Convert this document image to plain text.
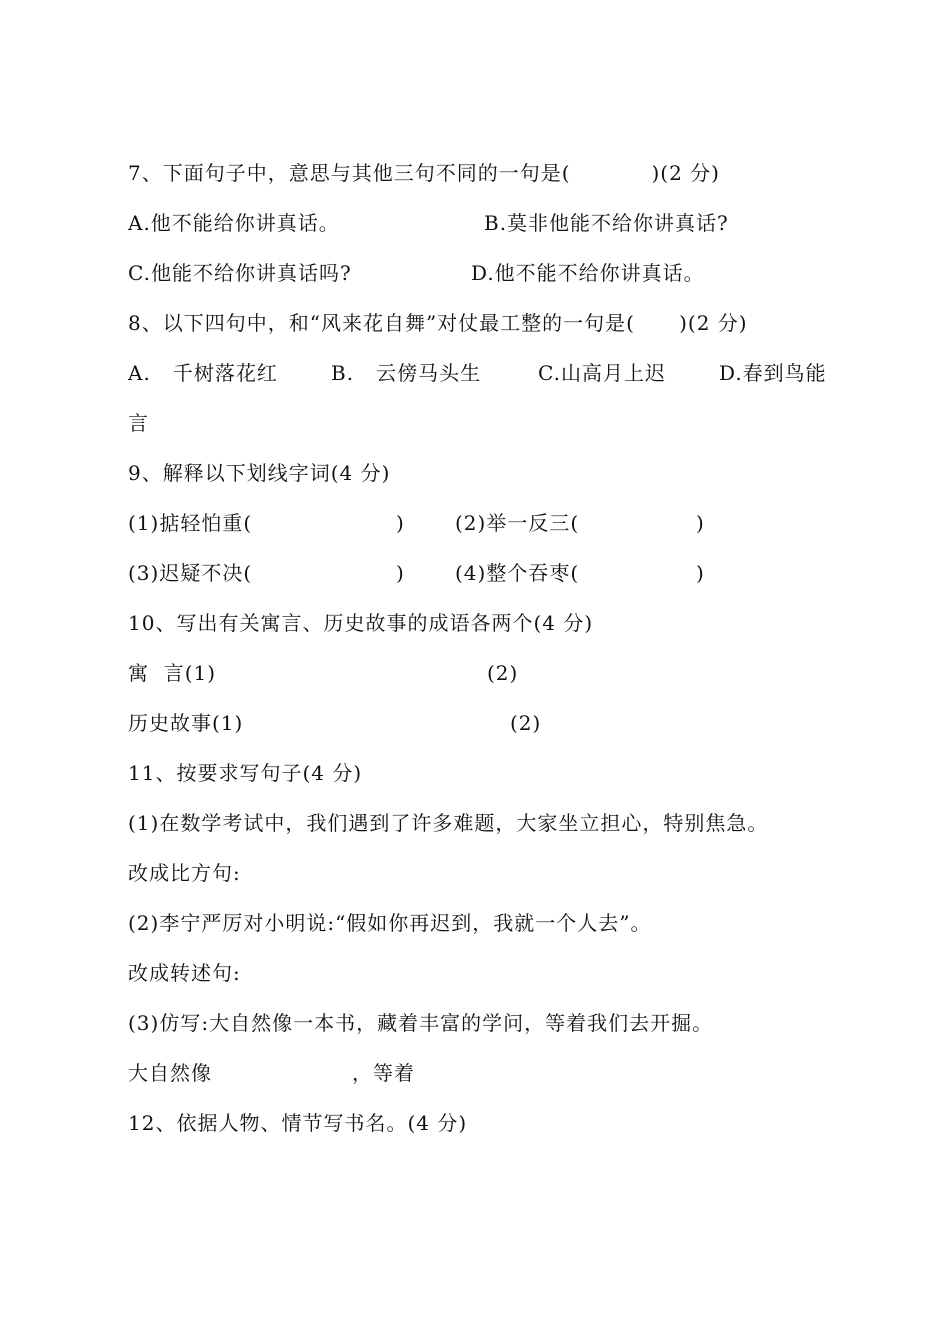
7、下面句子中，意思与其他三句不同的一句是(           )(2 分)
A.他不能给你讲真话。	B.莫非他能不给你讲真话?
C.他能不给你讲真话吗?	D.他不能不给你讲真话。
8、以下四句中，和“风来花自舞”对仗最工整的一句是(      )(2 分)
A.   千树落花红	B.   云傍马头生	C.山高月上迟	D.春到鸟能
言
9、解释以下划线字词(4 分)
(1)掂轻怕重(	)	(2)举一反三(	)
(3)迟疑不决(	)	(4)整个吞枣(	)
10、写出有关寓言、历史故事的成语各两个(4 分)
寓  言(1)	(2)
历史故事(1)	(2)
11、按要求写句子(4 分)
(1)在数学考试中，我们遇到了许多难题，大家坐立担心，特别焦急。
改成比方句:
(2)李宁严厉对小明说:“假如你再迟到，我就一个人去”。
改成转述句:
(3)仿写:大自然像一本书，藏着丰富的学问，等着我们去开掘。
大自然像	，等着
12、依据人物、情节写书名。(4 分)
